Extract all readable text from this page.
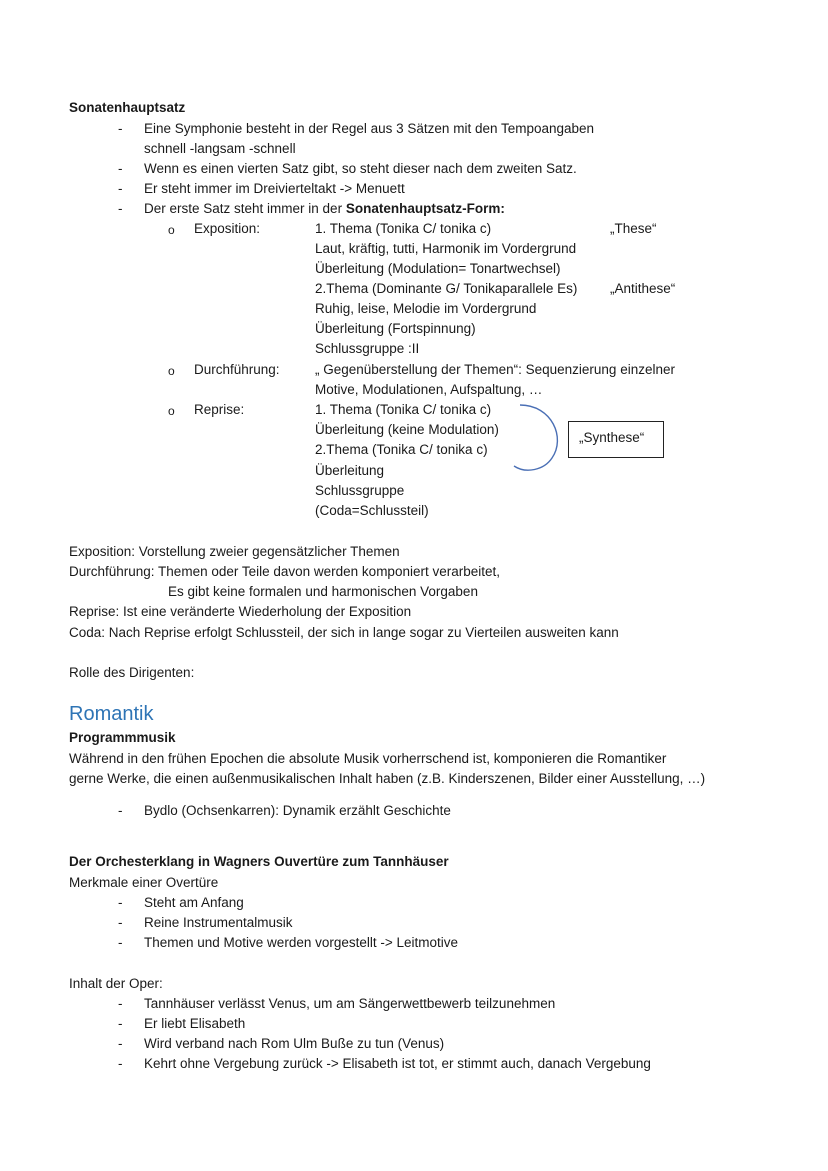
Sonatenhauptsatz
- Eine Symphonie besteht in der Regel aus 3 Sätzen mit den Tempoangaben
schnell -langsam -schnell
- Wenn es einen vierten Satz gibt, so steht dieser nach dem zweiten Satz.
- Er steht immer im Dreivierteltakt -> Menuett
- Der erste Satz steht immer in der Sonatenhauptsatz-Form:
o Exposition:	1. Thema (Tonika C/ tonika c)	„These“
Laut, kräftig, tutti, Harmonik im Vordergrund
Überleitung (Modulation= Tonartwechsel)
2.Thema (Dominante G/ Tonikaparallele Es) „Antithese“
Ruhig, leise, Melodie im Vordergrund
Überleitung (Fortspinnung)
Schlussgruppe :II
o Durchführung:	„ Gegenüberstellung der Themen“: Sequenzierung einzelner
Motive, Modulationen, Aufspaltung, …
o Reprise:	1. Thema (Tonika C/ tonika c)
Überleitung (keine Modulation)
2.Thema (Tonika C/ tonika c)
Überleitung
Schlussgruppe
(Coda=Schlussteil)
„Synthese“
Exposition: Vorstellung zweier gegensätzlicher Themen
Durchführung: Themen oder Teile davon werden komponiert verarbeitet,
Es gibt keine formalen und harmonischen Vorgaben
Reprise: Ist eine veränderte Wiederholung der Exposition
Coda: Nach Reprise erfolgt Schlussteil, der sich in lange sogar zu Vierteilen ausweiten kann
Rolle des Dirigenten:
Romantik
Programmmusik
Während in den frühen Epochen die absolute Musik vorherrschend ist, komponieren die Romantiker
gerne Werke, die einen außenmusikalischen Inhalt haben (z.B. Kinderszenen, Bilder einer Ausstellung, …)
- Bydlo (Ochsenkarren): Dynamik erzählt Geschichte
Der Orchesterklang in Wagners Ouvertüre zum Tannhäuser
Merkmale einer Overtüre
- Steht am Anfang
- Reine Instrumentalmusik
- Themen und Motive werden vorgestellt -> Leitmotive
Inhalt der Oper:
- Tannhäuser verlässt Venus, um am Sängerwettbewerb teilzunehmen
- Er liebt Elisabeth
- Wird verband nach Rom Ulm Buße zu tun (Venus)
- Kehrt ohne Vergebung zurück -> Elisabeth ist tot, er stimmt auch, danach Vergebung
